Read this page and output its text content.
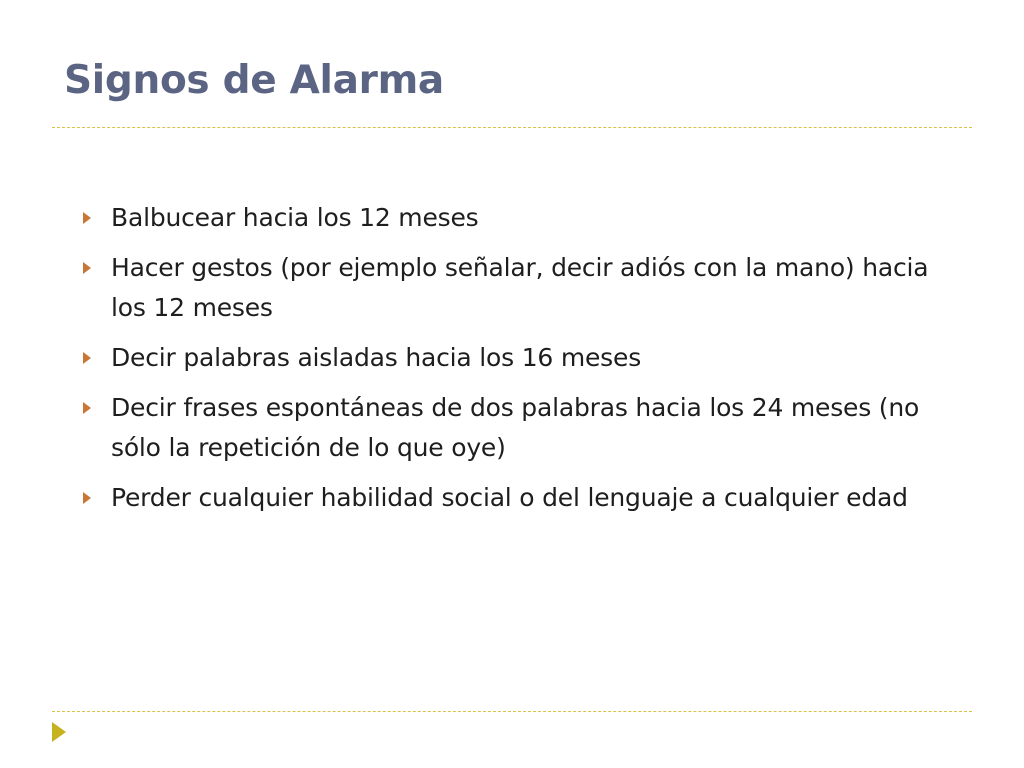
Signos de Alarma
Balbucear hacia los 12 meses
Hacer gestos (por ejemplo señalar, decir adiós con la mano) hacia los 12 meses
Decir palabras aisladas hacia los 16 meses
Decir frases espontáneas de dos palabras hacia los 24 meses (no sólo la repetición de lo que oye)
Perder cualquier habilidad social o del lenguaje a cualquier edad
